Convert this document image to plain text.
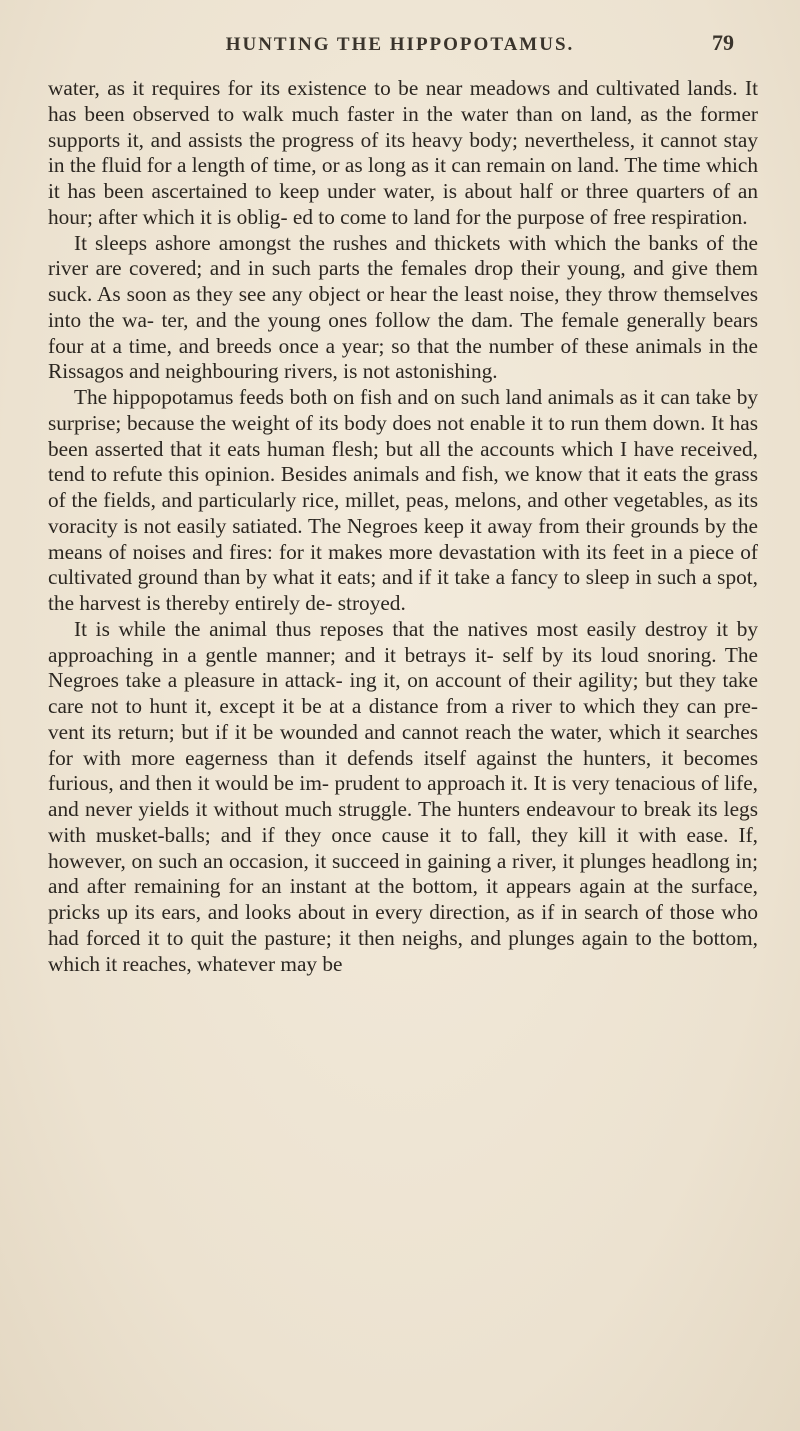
HUNTING THE HIPPOPOTAMUS.	79

water, as it requires for its existence to be near meadows and cultivated lands. It has been observed to walk much faster in the water than on land, as the former supports it, and assists the progress of its heavy body; nevertheless, it cannot stay in the fluid for a length of time, or as long as it can remain on land. The time which it has been ascertained to keep under water, is about half or three quarters of an hour; after which it is oblig- ed to come to land for the purpose of free respiration.

It sleeps ashore amongst the rushes and thickets with which the banks of the river are covered; and in such parts the females drop their young, and give them suck. As soon as they see any object or hear the least noise, they throw themselves into the wa- ter, and the young ones follow the dam. The female generally bears four at a time, and breeds once a year; so that the number of these animals in the Rissagos and neighbouring rivers, is not astonishing.

The hippopotamus feeds both on fish and on such land animals as it can take by surprise; because the weight of its body does not enable it to run them down. It has been asserted that it eats human flesh; but all the accounts which I have received, tend to refute this opinion. Besides animals and fish, we know that it eats the grass of the fields, and particularly rice, millet, peas, melons, and other vegetables, as its voracity is not easily satiated. The Negroes keep it away from their grounds by the means of noises and fires: for it makes more devastation with its feet in a piece of cultivated ground than by what it eats; and if it take a fancy to sleep in such a spot, the harvest is thereby entirely de- stroyed.

It is while the animal thus reposes that the natives most easily destroy it by approaching in a gentle manner; and it betrays it- self by its loud snoring. The Negroes take a pleasure in attack- ing it, on account of their agility; but they take care not to hunt it, except it be at a distance from a river to which they can pre- vent its return; but if it be wounded and cannot reach the water, which it searches for with more eagerness than it defends itself against the hunters, it becomes furious, and then it would be im- prudent to approach it. It is very tenacious of life, and never yields it without much struggle. The hunters endeavour to break its legs with musket-balls; and if they once cause it to fall, they kill it with ease. If, however, on such an occasion, it succeed in gaining a river, it plunges headlong in; and after remaining for an instant at the bottom, it appears again at the surface, pricks up its ears, and looks about in every direction, as if in search of those who had forced it to quit the pasture; it then neighs, and plunges again to the bottom, which it reaches, whatever may be
